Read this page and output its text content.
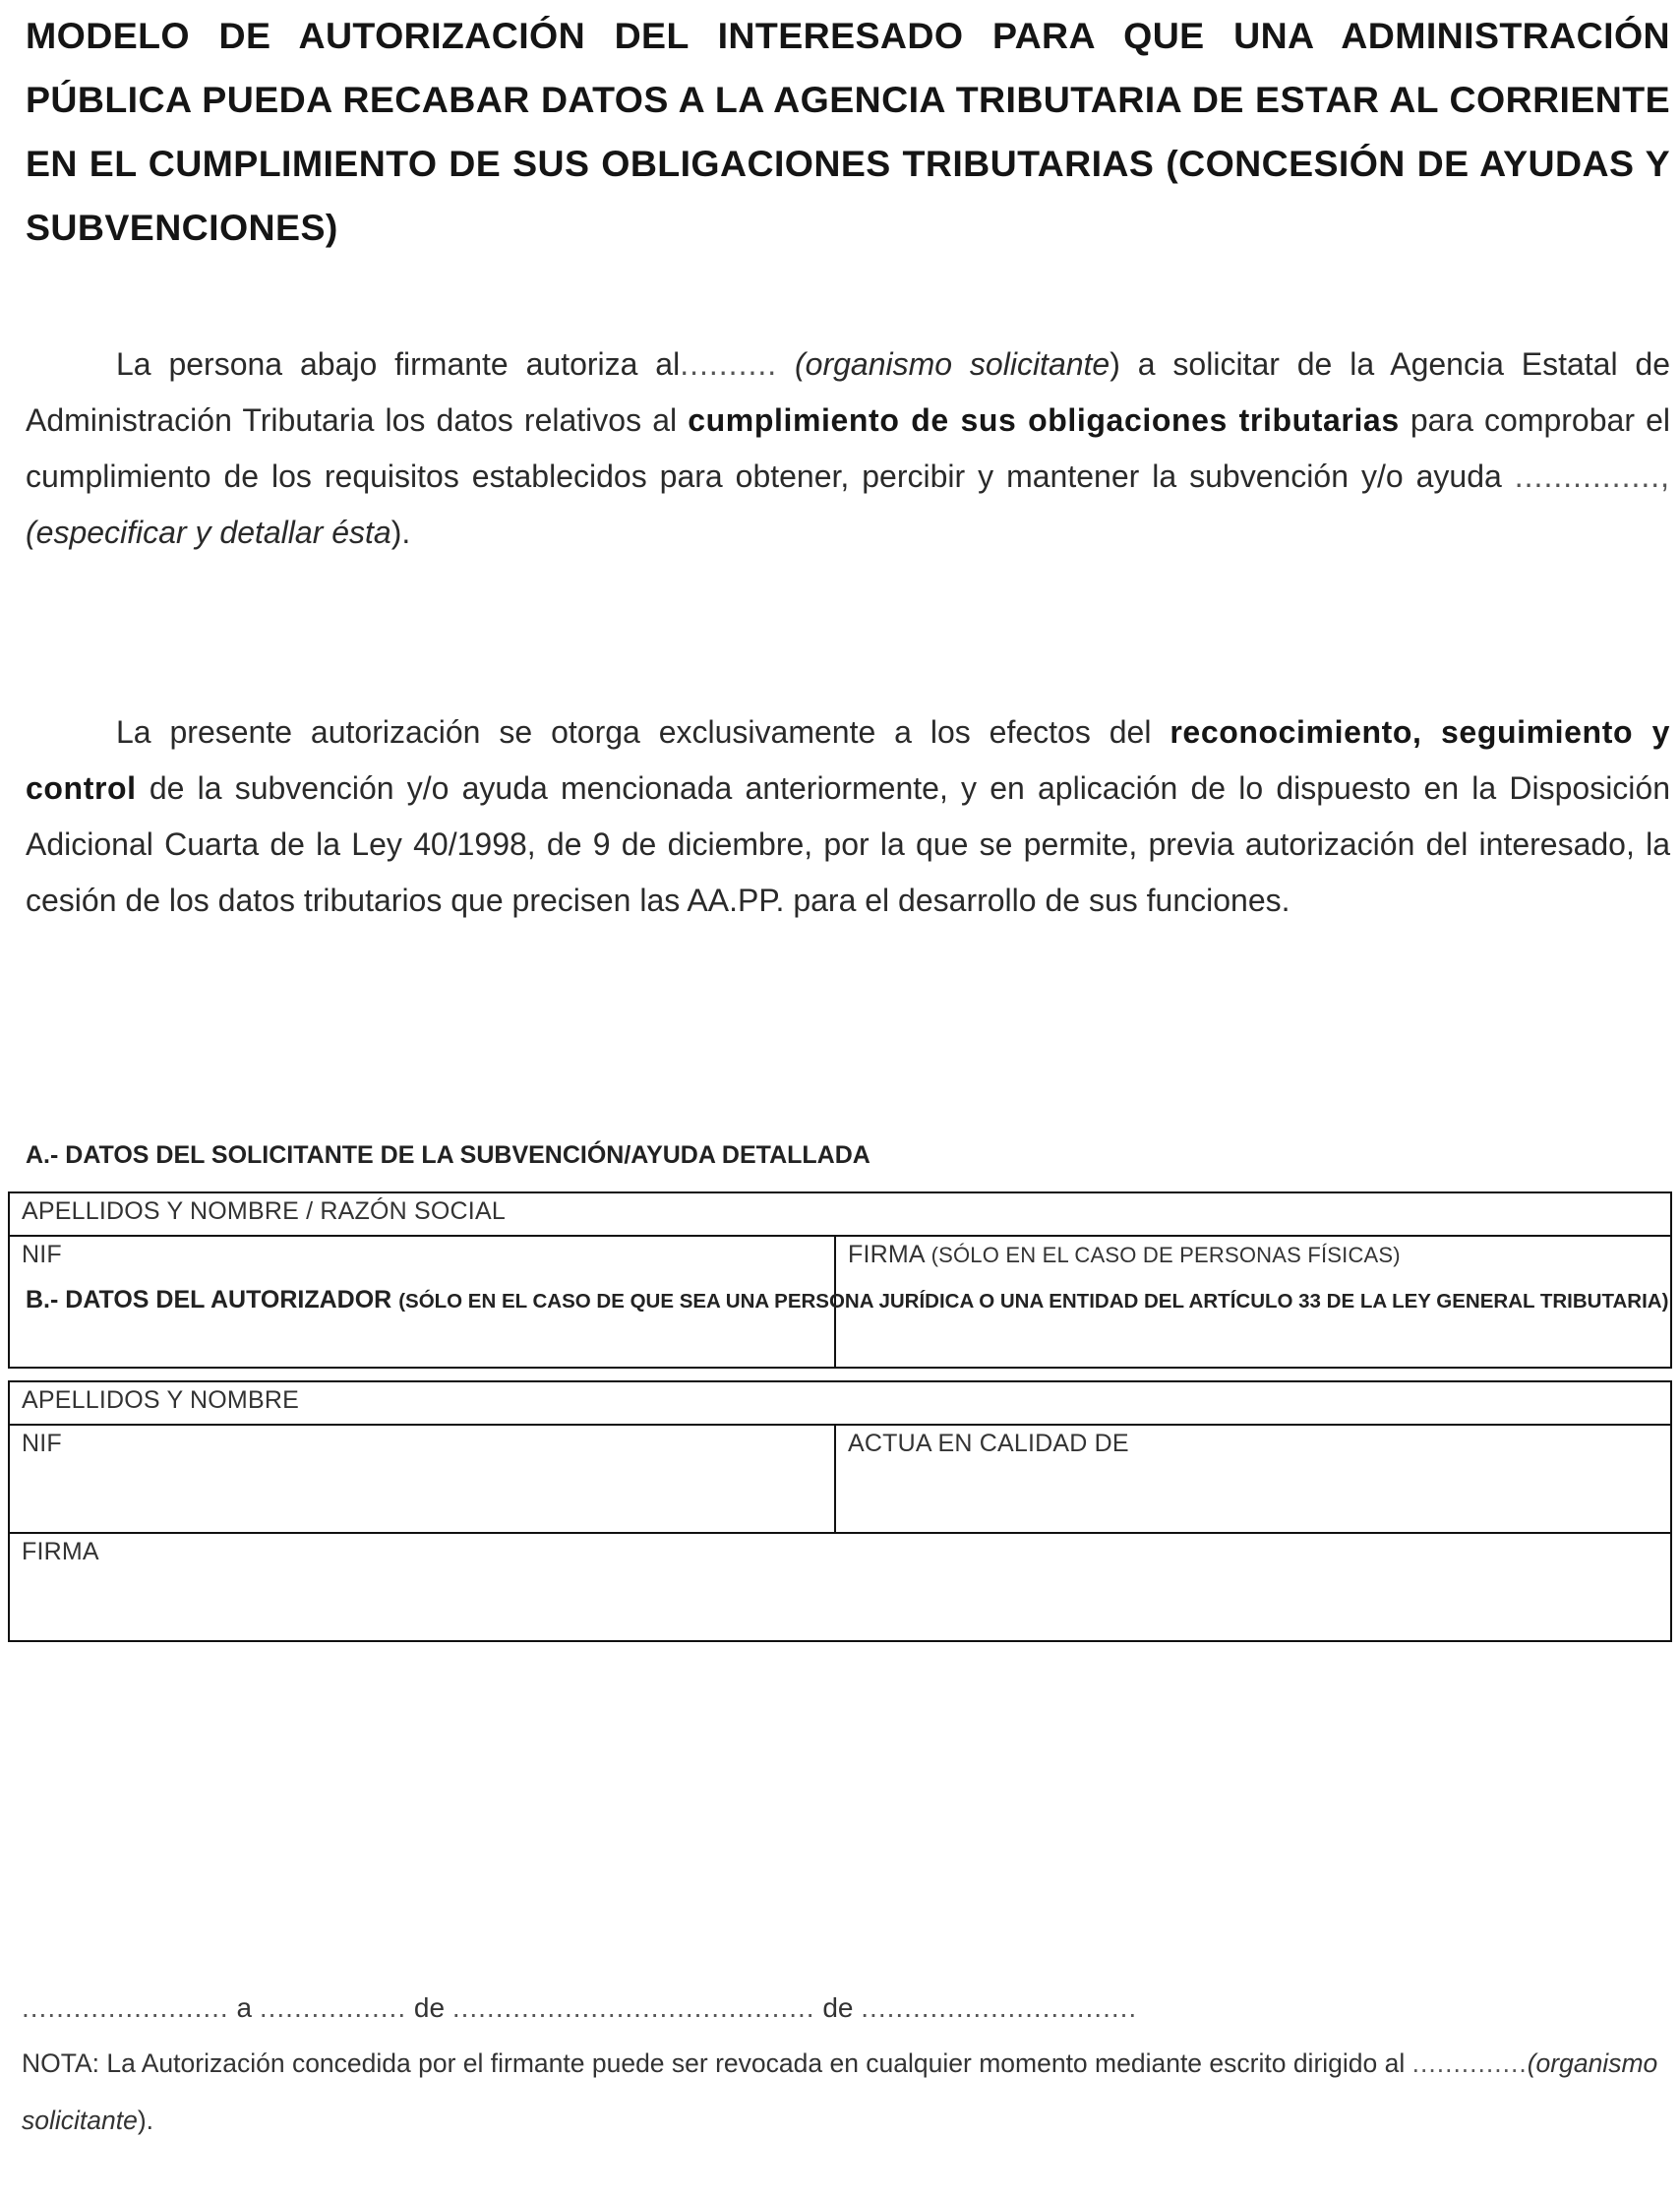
MODELO DE AUTORIZACIÓN DEL INTERESADO PARA QUE UNA ADMINISTRACIÓN PÚBLICA PUEDA RECABAR DATOS A LA AGENCIA TRIBUTARIA DE ESTAR AL CORRIENTE EN EL CUMPLIMIENTO DE SUS OBLIGACIONES TRIBUTARIAS (CONCESIÓN DE AYUDAS Y SUBVENCIONES)

La persona abajo firmante autoriza al.......... (organismo solicitante) a solicitar de la Agencia Estatal de Administración Tributaria los datos relativos al cumplimiento de sus obligaciones tributarias para comprobar el cumplimiento de los requisitos establecidos para obtener, percibir y mantener la subvención y/o ayuda ..............., (especificar y detallar ésta).

La presente autorización se otorga exclusivamente a los efectos del reconocimiento, seguimiento y control de la subvención y/o ayuda mencionada anteriormente, y en aplicación de lo dispuesto en la Disposición Adicional Cuarta de la Ley 40/1998, de 9 de diciembre, por la que se permite, previa autorización del interesado, la cesión de los datos tributarios que precisen las AA.PP. para el desarrollo de sus funciones.

A.- DATOS DEL SOLICITANTE DE LA SUBVENCIÓN/AYUDA DETALLADA

APELLIDOS Y NOMBRE / RAZÓN SOCIAL
NIF	FIRMA (SÓLO EN EL CASO DE PERSONAS FÍSICAS)

B.- DATOS DEL AUTORIZADOR (SÓLO EN EL CASO DE QUE SEA UNA PERSONA JURÍDICA O UNA ENTIDAD DEL ARTÍCULO 33 DE LA LEY GENERAL TRIBUTARIA)

APELLIDOS Y NOMBRE
NIF	ACTUA EN CALIDAD DE
FIRMA

........................ a ................. de .......................................... de ................................

NOTA: La Autorización concedida por el firmante puede ser revocada en cualquier momento mediante escrito dirigido al ..............(organismo solicitante).
